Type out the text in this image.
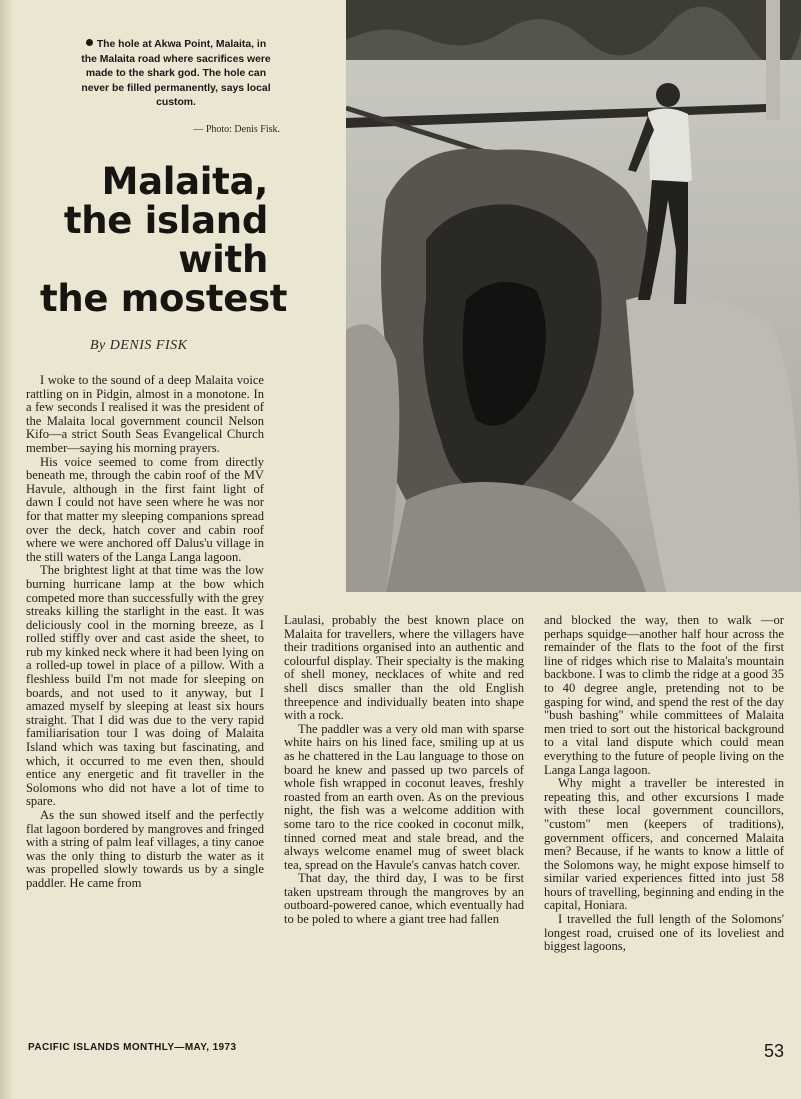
The hole at Akwa Point, Malaita, in the Malaita road where sacrifices were made to the shark god. The hole can never be filled permanently, says local custom.
— Photo: Denis Fisk.
Malaita,
the island
with
the mostest
By DENIS FISK

I woke to the sound of a deep Malaita voice rattling on in Pidgin, almost in a monotone. In a few seconds I realised it was the president of the Malaita local government council Nelson Kifo—a strict South Seas Evangelical Church member—saying his morning prayers.

His voice seemed to come from directly beneath me, through the cabin roof of the MV Havule, although in the first faint light of dawn I could not have seen where he was nor for that matter my sleeping companions spread over the deck, hatch cover and cabin roof where we were anchored off Dalus'u village in the still waters of the Langa Langa lagoon.

The brightest light at that time was the low burning hurricane lamp at the bow which competed more than successfully with the grey streaks killing the starlight in the east. It was deliciously cool in the morning breeze, as I rolled stiffly over and cast aside the sheet, to rub my kinked neck where it had been lying on a rolled-up towel in place of a pillow. With a fleshless build I'm not made for sleeping on boards, and not used to it anyway, but I amazed myself by sleeping at least six hours straight. That I did was due to the very rapid familiarisation tour I was doing of Malaita Island which was taxing but fascinating, and which, it occurred to me even then, should entice any energetic and fit traveller in the Solomons who did not have a lot of time to spare.

As the sun showed itself and the perfectly flat lagoon bordered by mangroves and fringed with a string of palm leaf villages, a tiny canoe was the only thing to disturb the water as it was propelled slowly towards us by a single paddler. He came from

Laulasi, probably the best known place on Malaita for travellers, where the villagers have their traditions organised into an authentic and colourful display. Their specialty is the making of shell money, necklaces of white and red shell discs smaller than the old English threepence and individually beaten into shape with a rock.

The paddler was a very old man with sparse white hairs on his lined face, smiling up at us as he chattered in the Lau language to those on board he knew and passed up two parcels of whole fish wrapped in coconut leaves, freshly roasted from an earth oven. As on the previous night, the fish was a welcome addition with some taro to the rice cooked in coconut milk, tinned corned meat and stale bread, and the always welcome enamel mug of sweet black tea, spread on the Havule's canvas hatch cover.

That day, the third day, I was to be first taken upstream through the mangroves by an outboard-powered canoe, which eventually had to be poled to where a giant tree had fallen

and blocked the way, then to walk —or perhaps squidge—another half hour across the remainder of the flats to the foot of the first line of ridges which rise to Malaita's mountain backbone. I was to climb the ridge at a good 35 to 40 degree angle, pretending not to be gasping for wind, and spend the rest of the day "bush bashing" while committees of Malaita men tried to sort out the historical background to a vital land dispute which could mean everything to the future of people living on the Langa Langa lagoon.

Why might a traveller be interested in repeating this, and other excursions I made with these local government councillors, "custom" men (keepers of traditions), government officers, and concerned Malaita men? Because, if he wants to know a little of the Solomons way, he might expose himself to similar varied experiences fitted into just 58 hours of travelling, beginning and ending in the capital, Honiara.

I travelled the full length of the Solomons' longest road, cruised one of its loveliest and biggest lagoons,

PACIFIC ISLANDS MONTHLY—MAY, 1973	53
